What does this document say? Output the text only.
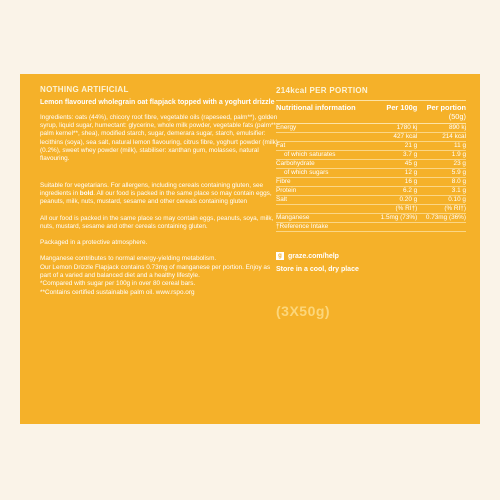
NOTHING ARTIFICIAL
Lemon flavoured wholegrain oat flapjack topped with a yoghurt drizzle
Ingredients: oats (44%), chicory root fibre, vegetable oils (rapeseed, palm**), golden syrup, liquid sugar, humectant: glycerine, whole milk powder, vegetable fats (palm**, palm kernel**, shea), modified starch, sugar, demerara sugar, starch, emulsifier: lecithins (soya), sea salt, natural lemon flavouring, citrus fibre, yoghurt powder (milk) (0.2%), sweet whey powder (milk), stabiliser: xanthan gum, molasses, natural flavouring.
Suitable for vegetarians. For allergens, including cereals containing gluten, see ingredients in bold. All our food is packed in the same place so may contain eggs, peanuts, milk, nuts, mustard, sesame and other cereals containing gluten
All our food is packed in the same place so may contain eggs, peanuts, soya, milk, nuts, mustard, sesame and other cereals containing gluten.
Packaged in a protective atmosphere.
Manganese contributes to normal energy-yielding metabolism.
Our Lemon Drizzle Flapjack contains 0.73mg of manganese per portion. Enjoy as part of a varied and balanced diet and a healthy lifestyle.
*Compared with sugar per 100g in over 80 cereal bars.
**Contains certified sustainable palm oil. www.rspo.org
214kcal PER PORTION
Nutritional information	Per 100g	Per portion
(50g)
Energy	1780 kj	890 kj
	427 kcal	214 kcal
Fat	21 g	11 g
of which saturates	3.7 g	1.9 g
Carbohydrate	45 g	23 g
of which sugars	12 g	5.9 g
Fibre	16 g	8.0 g
Protein	6.2 g	3.1 g
Salt	0.20 g	0.10 g
	(% RI†)	(% RI†)
Manganese	1.5mg (73%)	0.73mg (36%)
†Reference Intake		
g graze.com/help
Store in a cool, dry place
(3X50g)
